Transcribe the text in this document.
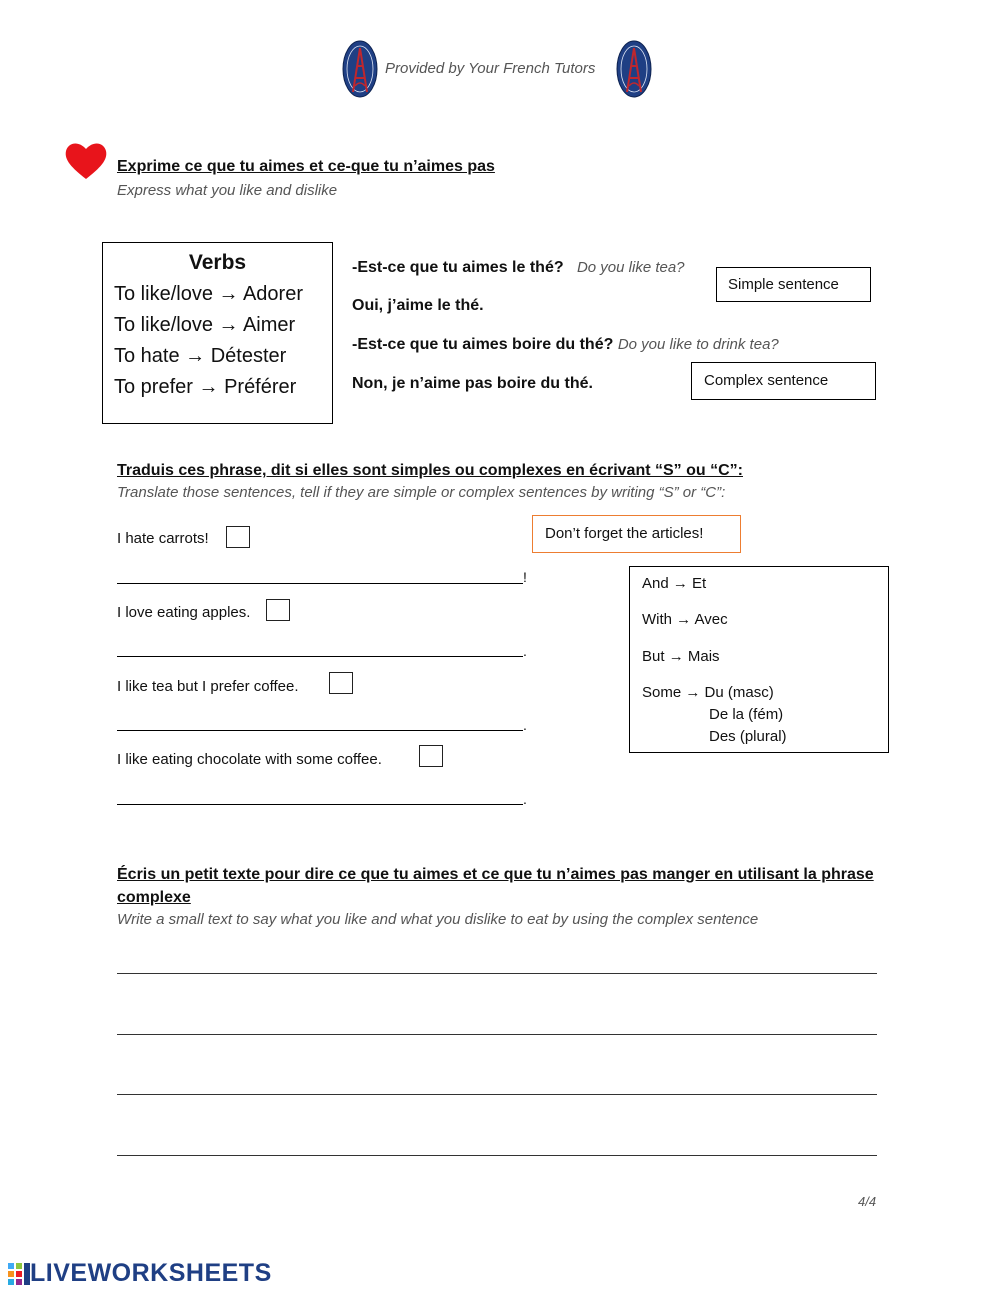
Provided by Your French Tutors
Exprime ce que tu aimes et ce-que tu n’aimes pas
Express what you like and dislike
Verbs
To like/love → Adorer
To like/love → Aimer
To hate → Détester
To prefer → Préférer
-Est-ce que tu aimes le thé? Do you like tea?
Oui, j’aime le thé.
-Est-ce que tu aimes boire du thé? Do you like to drink tea?
Non, je n’aime pas boire du thé.
Simple sentence
Complex sentence
Traduis ces phrase, dit si elles sont simples ou complexes en écrivant “S” ou “C”:
Translate those sentences, tell if they are simple or complex sentences by writing “S” or “C”:
Don’t forget the articles!
I hate carrots!
!
I love eating apples.
.
I like tea but I prefer coffee.
.
I like eating chocolate with some coffee.
.
And → Et
With → Avec
But → Mais
Some → Du (masc)
De la (fém)
Des (plural)
Écris un petit texte pour dire ce que tu aimes et ce que tu n’aimes pas manger en utilisant la phrase
complexe
Write a small text to say what you like and what you dislike to eat by using the complex sentence
4/4
LIVEWORKSHEETS
